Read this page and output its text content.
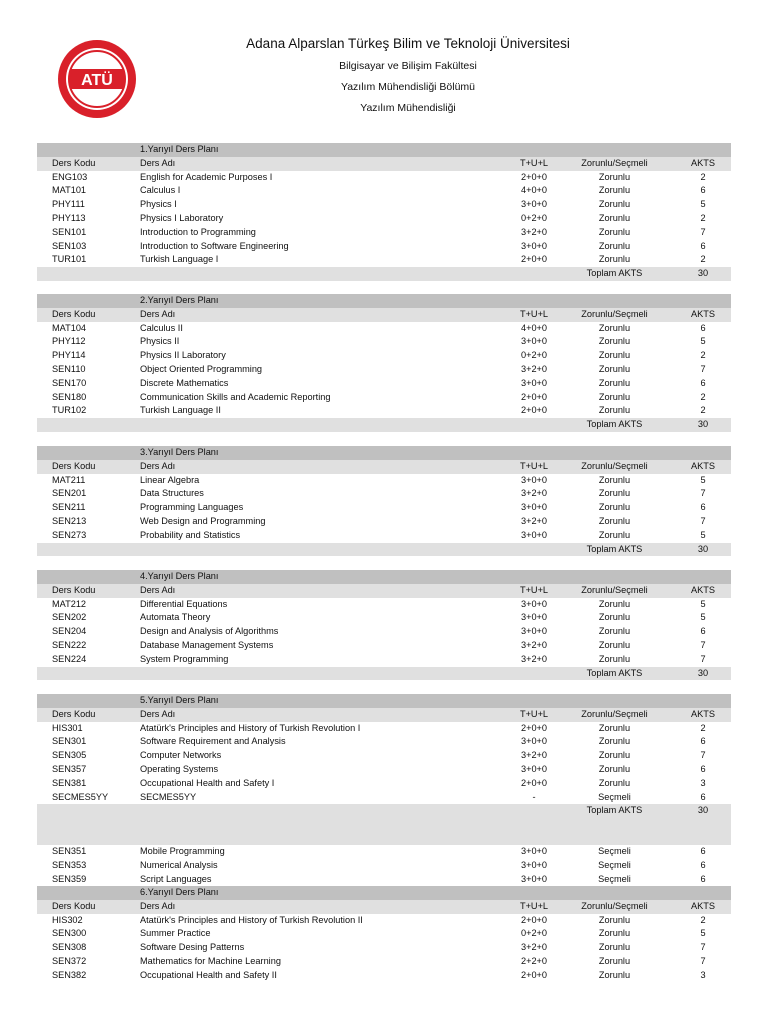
ATÜ
Adana Alparslan Türkeş Bilim ve Teknoloji Üniversitesi
Bilgisayar ve Bilişim Fakültesi
Yazılım Mühendisliği Bölümü
Yazılım Mühendisliği
1.Yarıyıl Ders Planı
Ders Kodu	Ders Adı	T+U+L	Zorunlu/Seçmeli	AKTS
ENG103	English for Academic Purposes I	2+0+0	Zorunlu	2
MAT101	Calculus I	4+0+0	Zorunlu	6
PHY111	Physics I	3+0+0	Zorunlu	5
PHY113	Physics I Laboratory	0+2+0	Zorunlu	2
SEN101	Introduction to Programming	3+2+0	Zorunlu	7
SEN103	Introduction to Software Engineering	3+0+0	Zorunlu	6
TUR101	Turkish Language I	2+0+0	Zorunlu	2
Toplam AKTS	30
2.Yarıyıl Ders Planı
Ders Kodu	Ders Adı	T+U+L	Zorunlu/Seçmeli	AKTS
MAT104	Calculus II	4+0+0	Zorunlu	6
PHY112	Physics II	3+0+0	Zorunlu	5
PHY114	Physics II Laboratory	0+2+0	Zorunlu	2
SEN110	Object Oriented Programming	3+2+0	Zorunlu	7
SEN170	Discrete Mathematics	3+0+0	Zorunlu	6
SEN180	Communication Skills and Academic Reporting	2+0+0	Zorunlu	2
TUR102	Turkish Language II	2+0+0	Zorunlu	2
Toplam AKTS	30
3.Yarıyıl Ders Planı
Ders Kodu	Ders Adı	T+U+L	Zorunlu/Seçmeli	AKTS
MAT211	Linear Algebra	3+0+0	Zorunlu	5
SEN201	Data Structures	3+2+0	Zorunlu	7
SEN211	Programming Languages	3+0+0	Zorunlu	6
SEN213	Web Design and Programming	3+2+0	Zorunlu	7
SEN273	Probability and Statistics	3+0+0	Zorunlu	5
Toplam AKTS	30
4.Yarıyıl Ders Planı
Ders Kodu	Ders Adı	T+U+L	Zorunlu/Seçmeli	AKTS
MAT212	Differential Equations	3+0+0	Zorunlu	5
SEN202	Automata Theory	3+0+0	Zorunlu	5
SEN204	Design and Analysis of Algorithms	3+0+0	Zorunlu	6
SEN222	Database Management Systems	3+2+0	Zorunlu	7
SEN224	System Programming	3+2+0	Zorunlu	7
Toplam AKTS	30
5.Yarıyıl Ders Planı
Ders Kodu	Ders Adı	T+U+L	Zorunlu/Seçmeli	AKTS
HIS301	Atatürk's Principles and History of Turkish Revolution I	2+0+0	Zorunlu	2
SEN301	Software Requirement and Analysis	3+0+0	Zorunlu	6
SEN305	Computer Networks	3+2+0	Zorunlu	7
SEN357	Operating Systems	3+0+0	Zorunlu	6
SEN381	Occupational Health and Safety I	2+0+0	Zorunlu	3
SECMES5YY	SECMES5YY	-	Seçmeli	6
Toplam AKTS	30
SEN351	Mobile Programming	3+0+0	Seçmeli	6
SEN353	Numerical Analysis	3+0+0	Seçmeli	6
SEN359	Script Languages	3+0+0	Seçmeli	6
6.Yarıyıl Ders Planı
Ders Kodu	Ders Adı	T+U+L	Zorunlu/Seçmeli	AKTS
HIS302	Atatürk's Principles and History of Turkish Revolution II	2+0+0	Zorunlu	2
SEN300	Summer Practice	0+2+0	Zorunlu	5
SEN308	Software Desing Patterns	3+2+0	Zorunlu	7
SEN372	Mathematics for Machine Learning	2+2+0	Zorunlu	7
SEN382	Occupational Health and Safety II	2+0+0	Zorunlu	3
